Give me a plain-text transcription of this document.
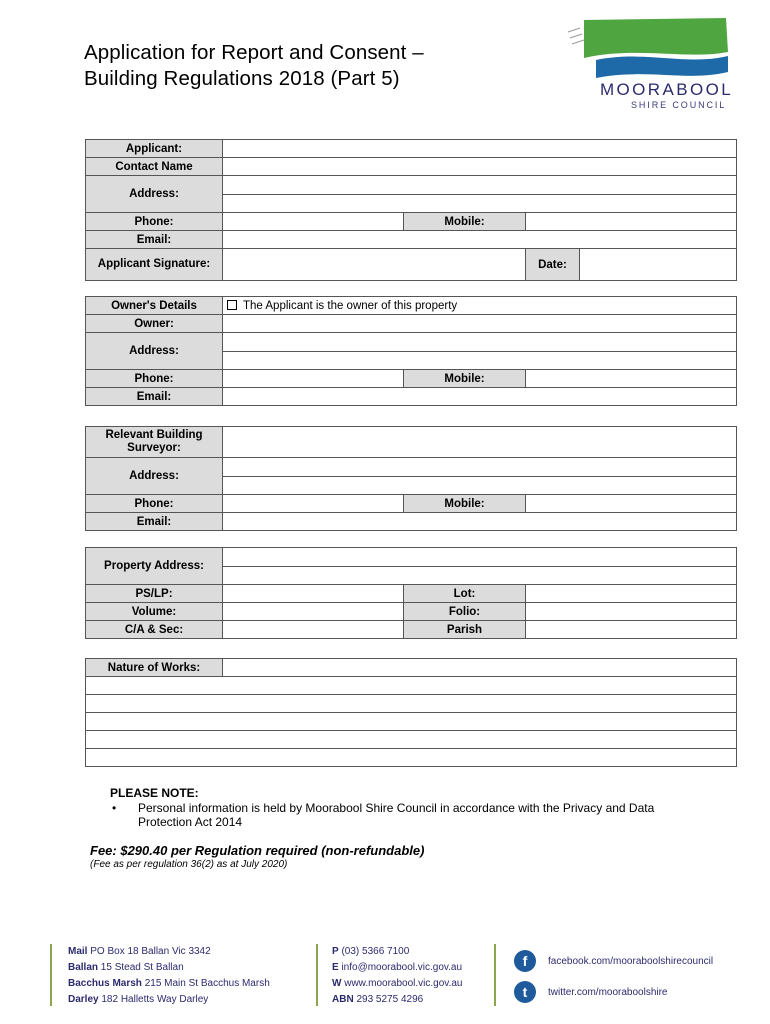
Application for Report and Consent –
Building Regulations 2018 (Part 5)	MOORABOOL
SHIRE COUNCIL
Applicant:				
Contact Name				
Address:				

Phone:		Mobile:		
Email:				
Applicant Signature:			Date:	
Owner's Details	The Applicant is the owner of this property		
Owner:			
Address:			

Phone:		Mobile:	
Email:			
Relevant Building Surveyor:			
Address:			

Phone:		Mobile:	
Email:			
Property Address:			

PS/LP:		Lot:	
Volume:		Folio:	
C/A & Sec:		Parish	
Nature of Works:	

PLEASE NOTE:
• Personal information is held by Moorabool Shire Council in accordance with the Privacy and Data Protection Act 2014
Fee: $290.40 per Regulation required (non-refundable)
(Fee as per regulation 36(2) as at July 2020)
Mail PO Box 18 Ballan Vic 3342
Ballan 15 Stead St Ballan
Bacchus Marsh 215 Main St Bacchus Marsh
Darley 182 Halletts Way Darley
P (03) 5366 7100
E info@moorabool.vic.gov.au
W www.moorabool.vic.gov.au
ABN 293 5275 4296
f	facebook.com/mooraboolshirecouncil
t	twitter.com/mooraboolshire
